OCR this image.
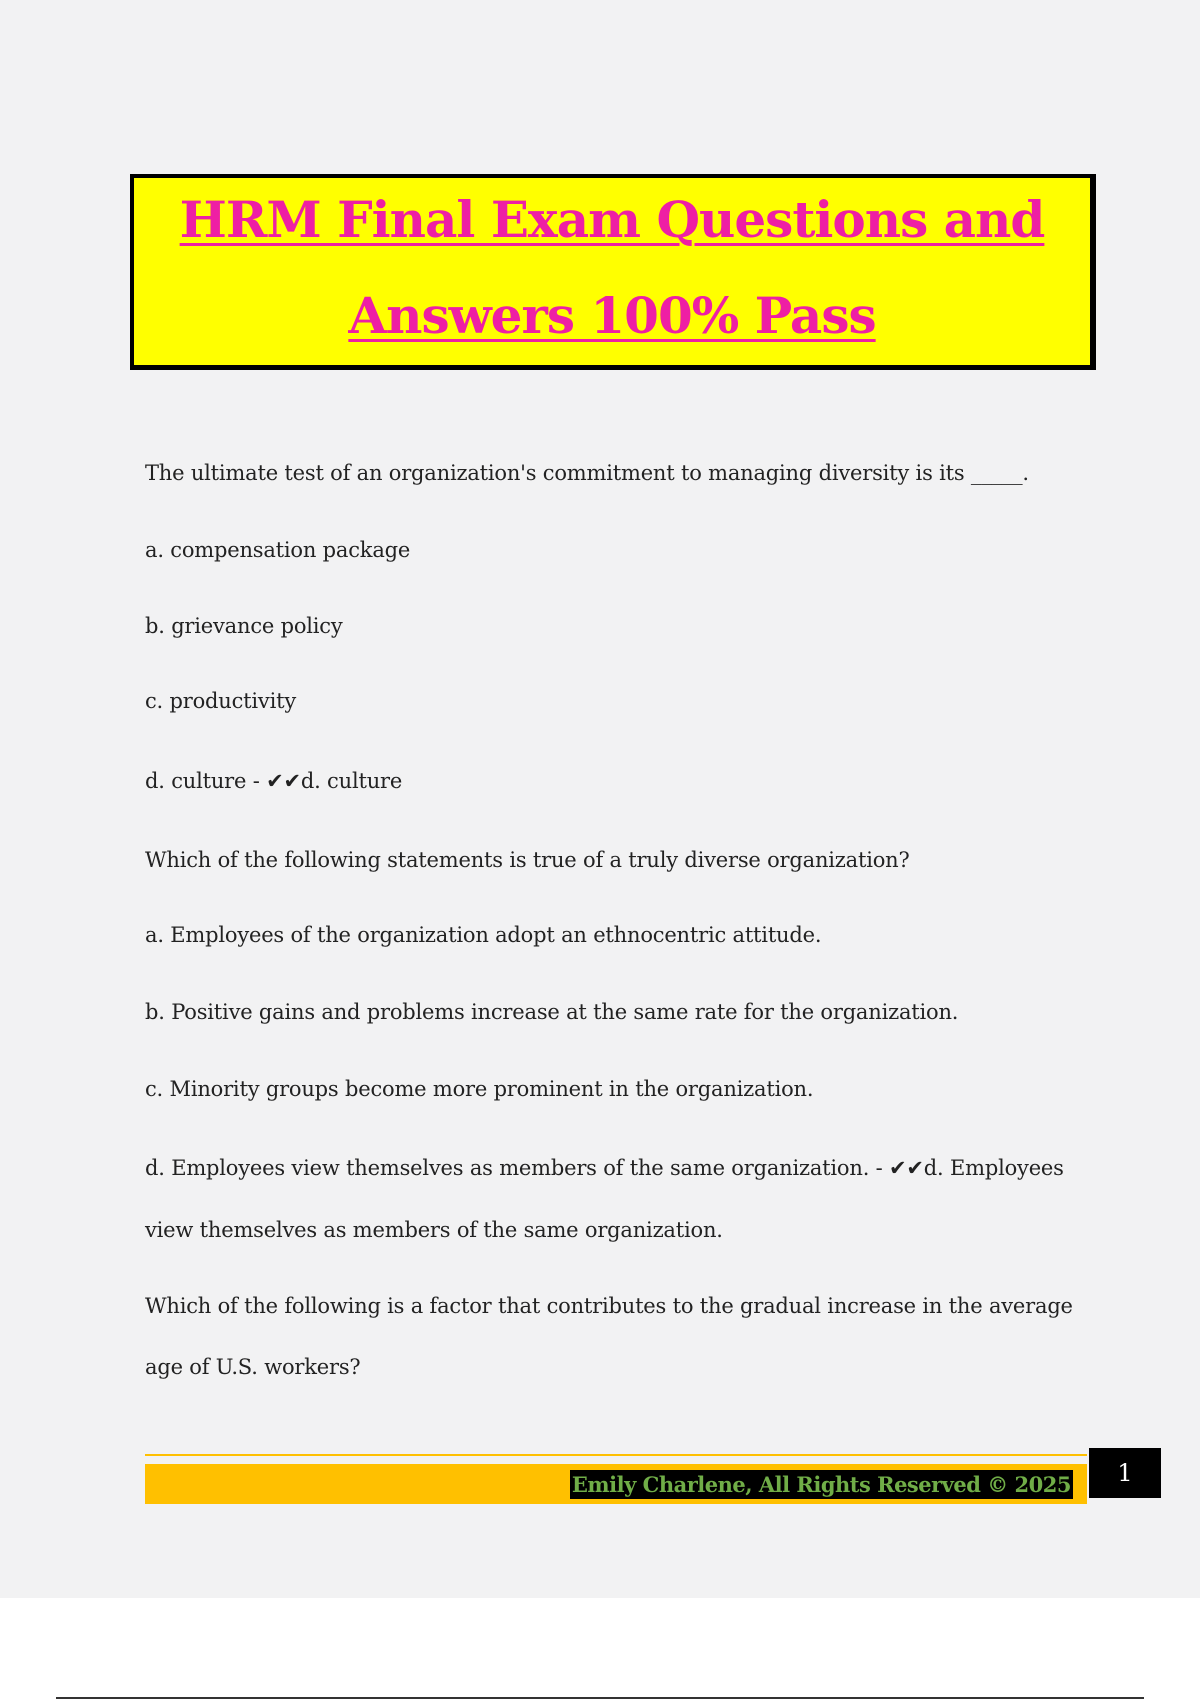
HRM Final Exam Questions and
Answers 100% Pass
The ultimate test of an organization's commitment to managing diversity is its _____.
a. compensation package
b. grievance policy
c. productivity
d. culture - ✔✔d. culture
Which of the following statements is true of a truly diverse organization?
a. Employees of the organization adopt an ethnocentric attitude.
b. Positive gains and problems increase at the same rate for the organization.
c. Minority groups become more prominent in the organization.
d. Employees view themselves as members of the same organization. - ✔✔d. Employees
view themselves as members of the same organization.
Which of the following is a factor that contributes to the gradual increase in the average
age of U.S. workers?
Emily Charlene, All Rights Reserved © 2025	1
